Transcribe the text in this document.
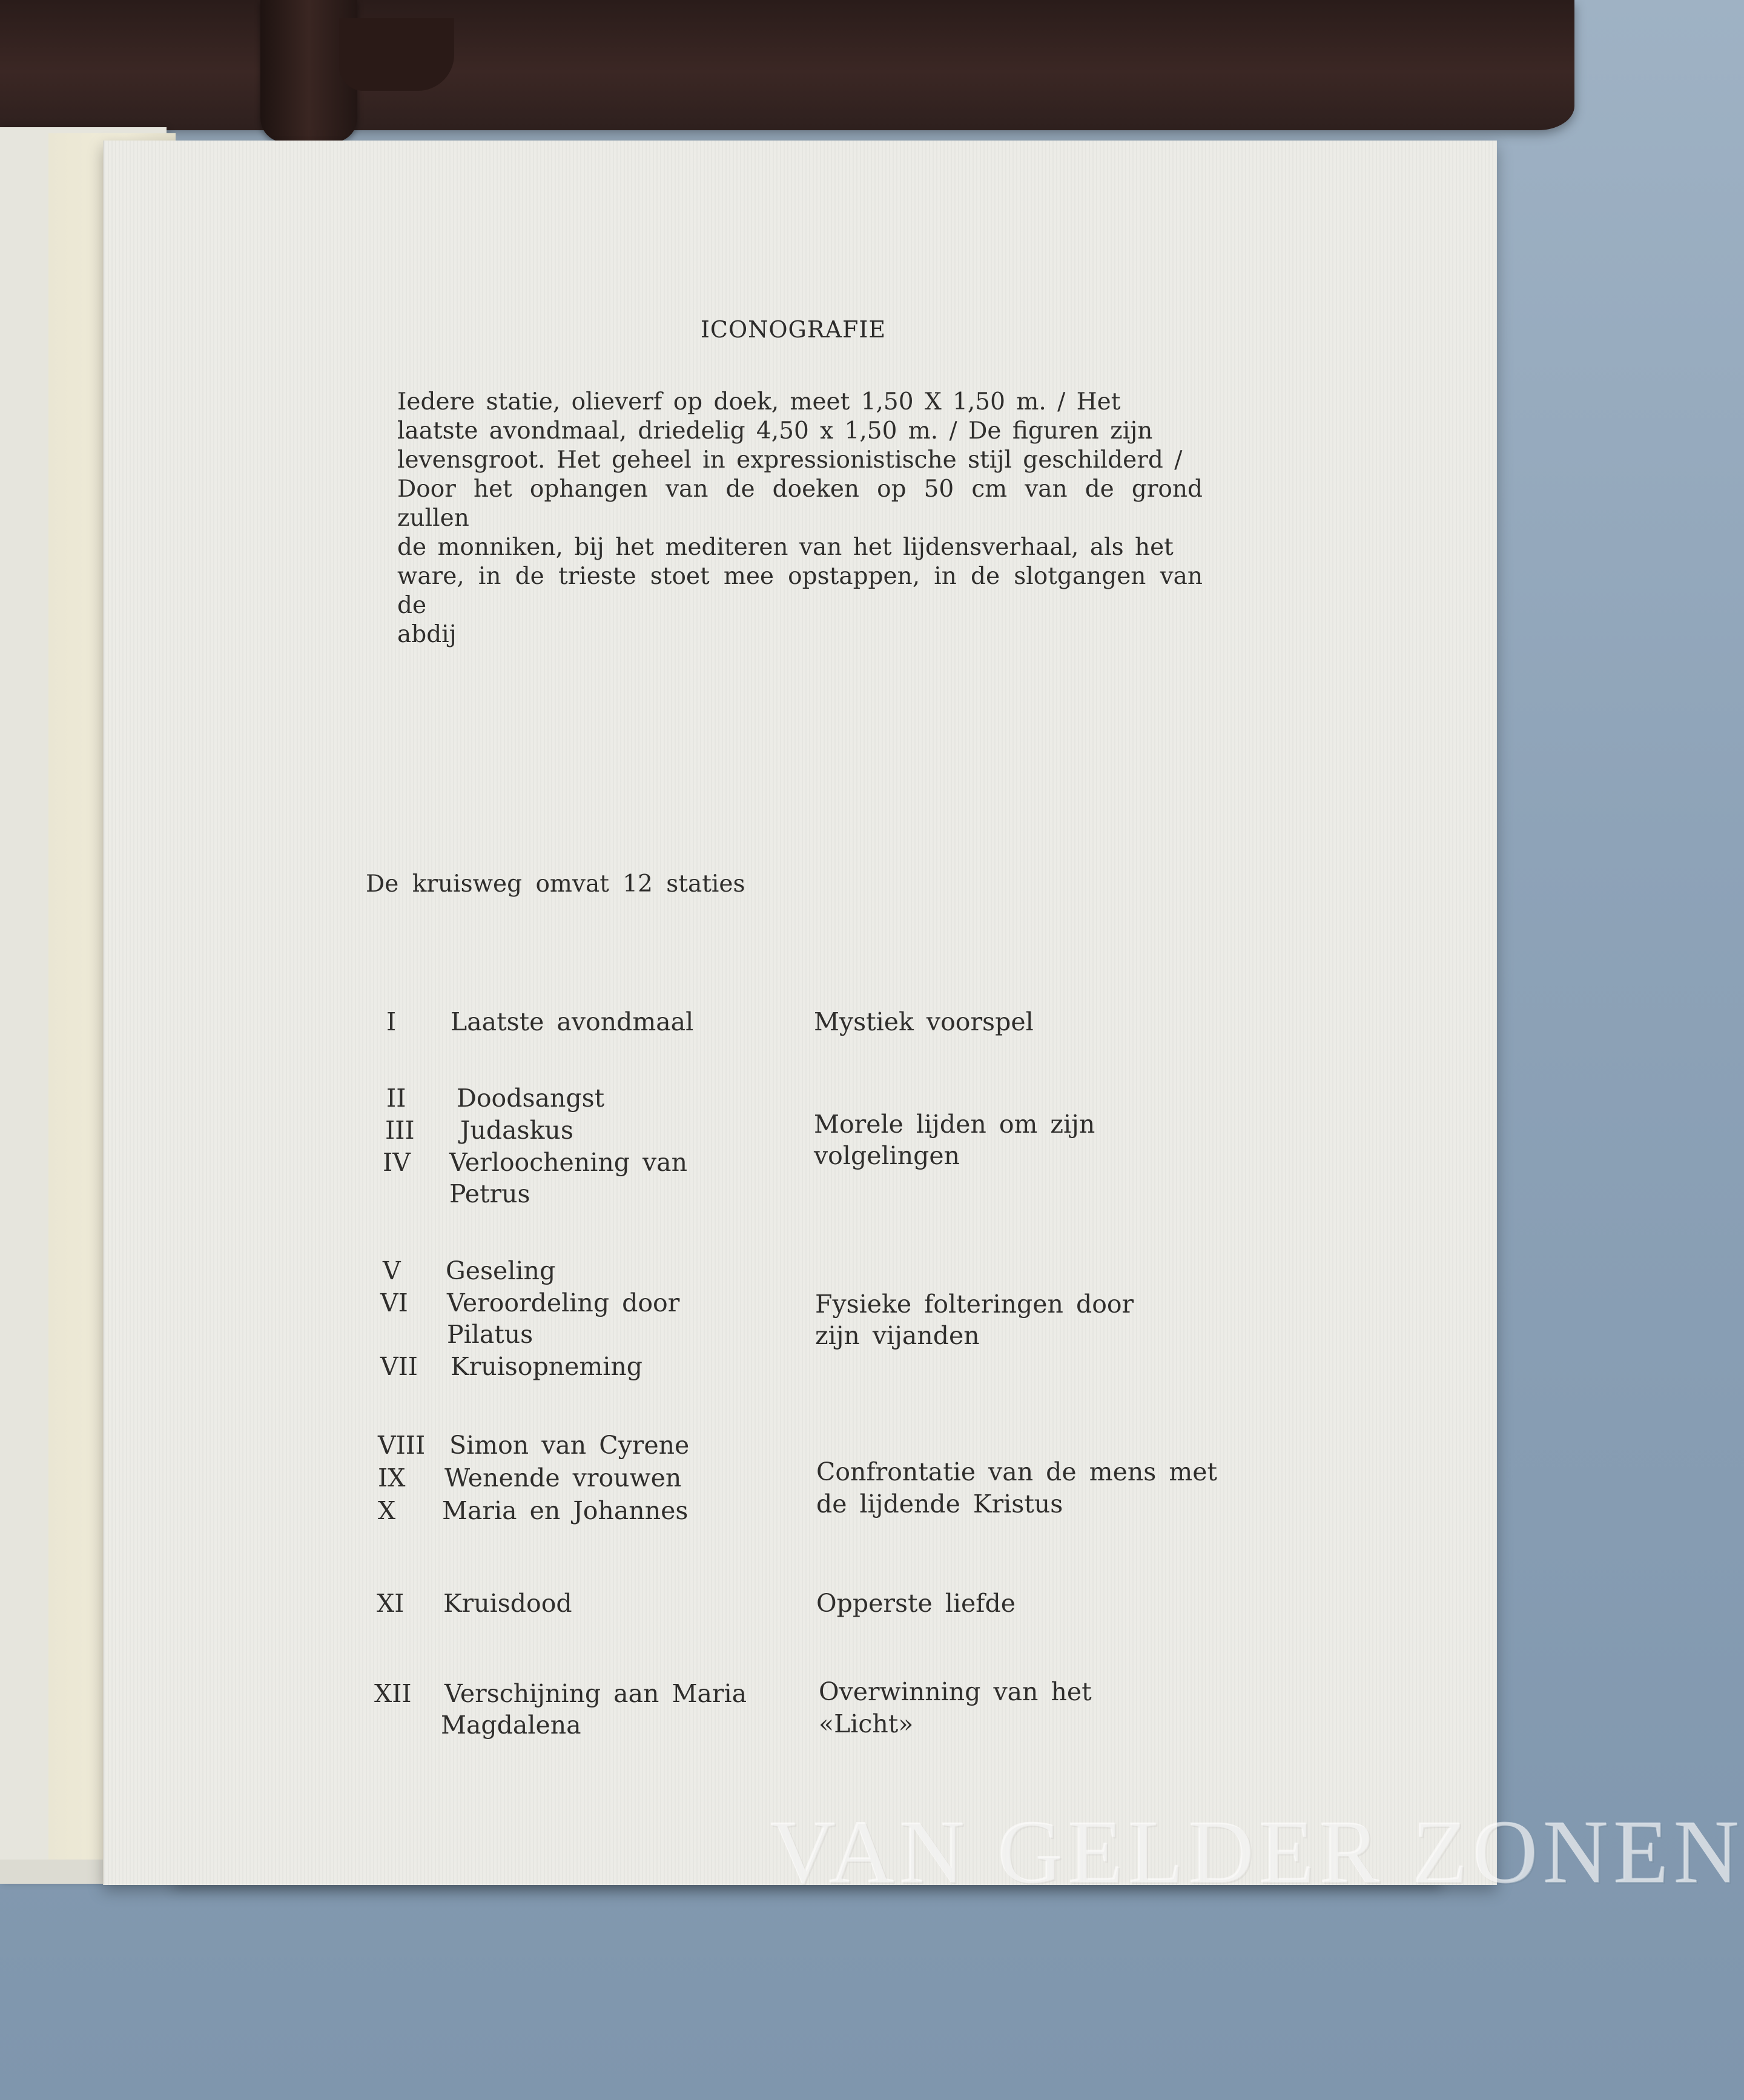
ICONOGRAFIE
Iedere statie, olieverf op doek, meet 1,50 X 1,50 m. / Het
laatste avondmaal, driedelig 4,50 x 1,50 m. / De figuren zijn
levensgroot. Het geheel in expressionistische stijl geschilderd /
Door het ophangen van de doeken op 50 cm van de grond zullen
de monniken, bij het mediteren van het lijdensverhaal, als het
ware, in de trieste stoet mee opstappen, in de slotgangen van de
abdij
De kruisweg omvat 12 staties
I Laatste avondmaal	Mystiek voorspel
II Doodsangst
III Judaskus
IV Verloochening van
Petrus
Morele lijden om zijn
volgelingen
V Geseling
VI Veroordeling door
Pilatus
VII Kruisopneming
Fysieke folteringen door
zijn vijanden
VIII Simon van Cyrene
IX Wenende vrouwen
X Maria en Johannes
Confrontatie van de mens met
de lijdende Kristus
XI Kruisdood	Opperste liefde
XII Verschijning aan Maria
Magdalena
Overwinning van het
«Licht»
VAN GELDER ZONEN
